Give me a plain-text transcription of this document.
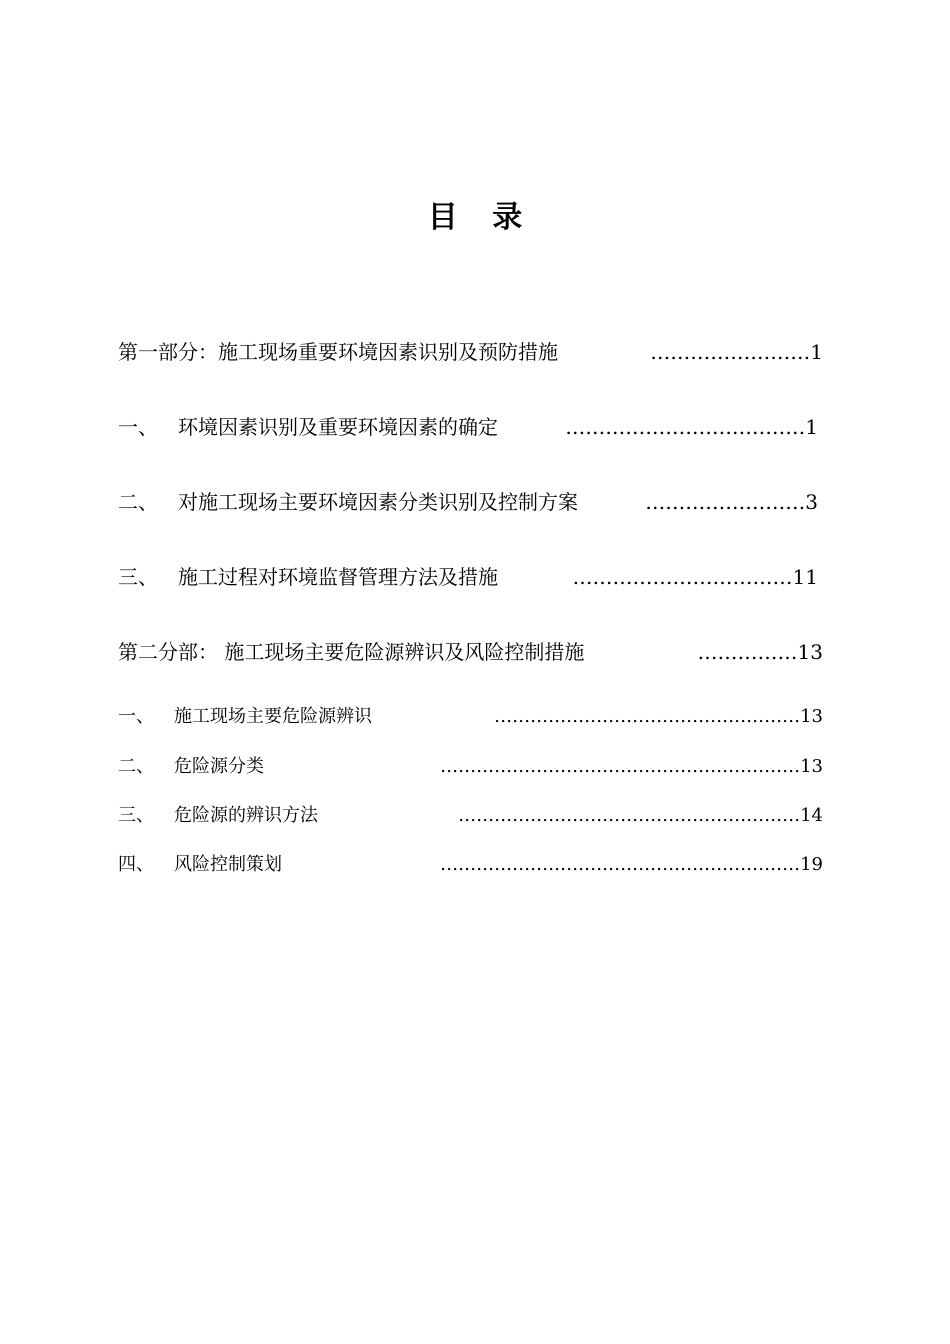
目 录
第一部分：施工现场重要环境因素识别及预防措施	…………………… 1
一、	环境因素识别及重要环境因素的确定	……………………………… 1
二、	对施工现场主要环境因素分类识别及控制方案	…………………… 3
三、	施工过程对环境监督管理方法及措施	…………………………… 11
第二分部： 施工现场主要危险源辨识及风险控制措施	…………… 13
一、	施工现场主要危险源辨识	…………………………………………… 13
二、	危险源分类	…………………………………………………… 13
三、	危险源的辨识方法	………………………………………………… 14
四、	风险控制策划	…………………………………………………… 19
